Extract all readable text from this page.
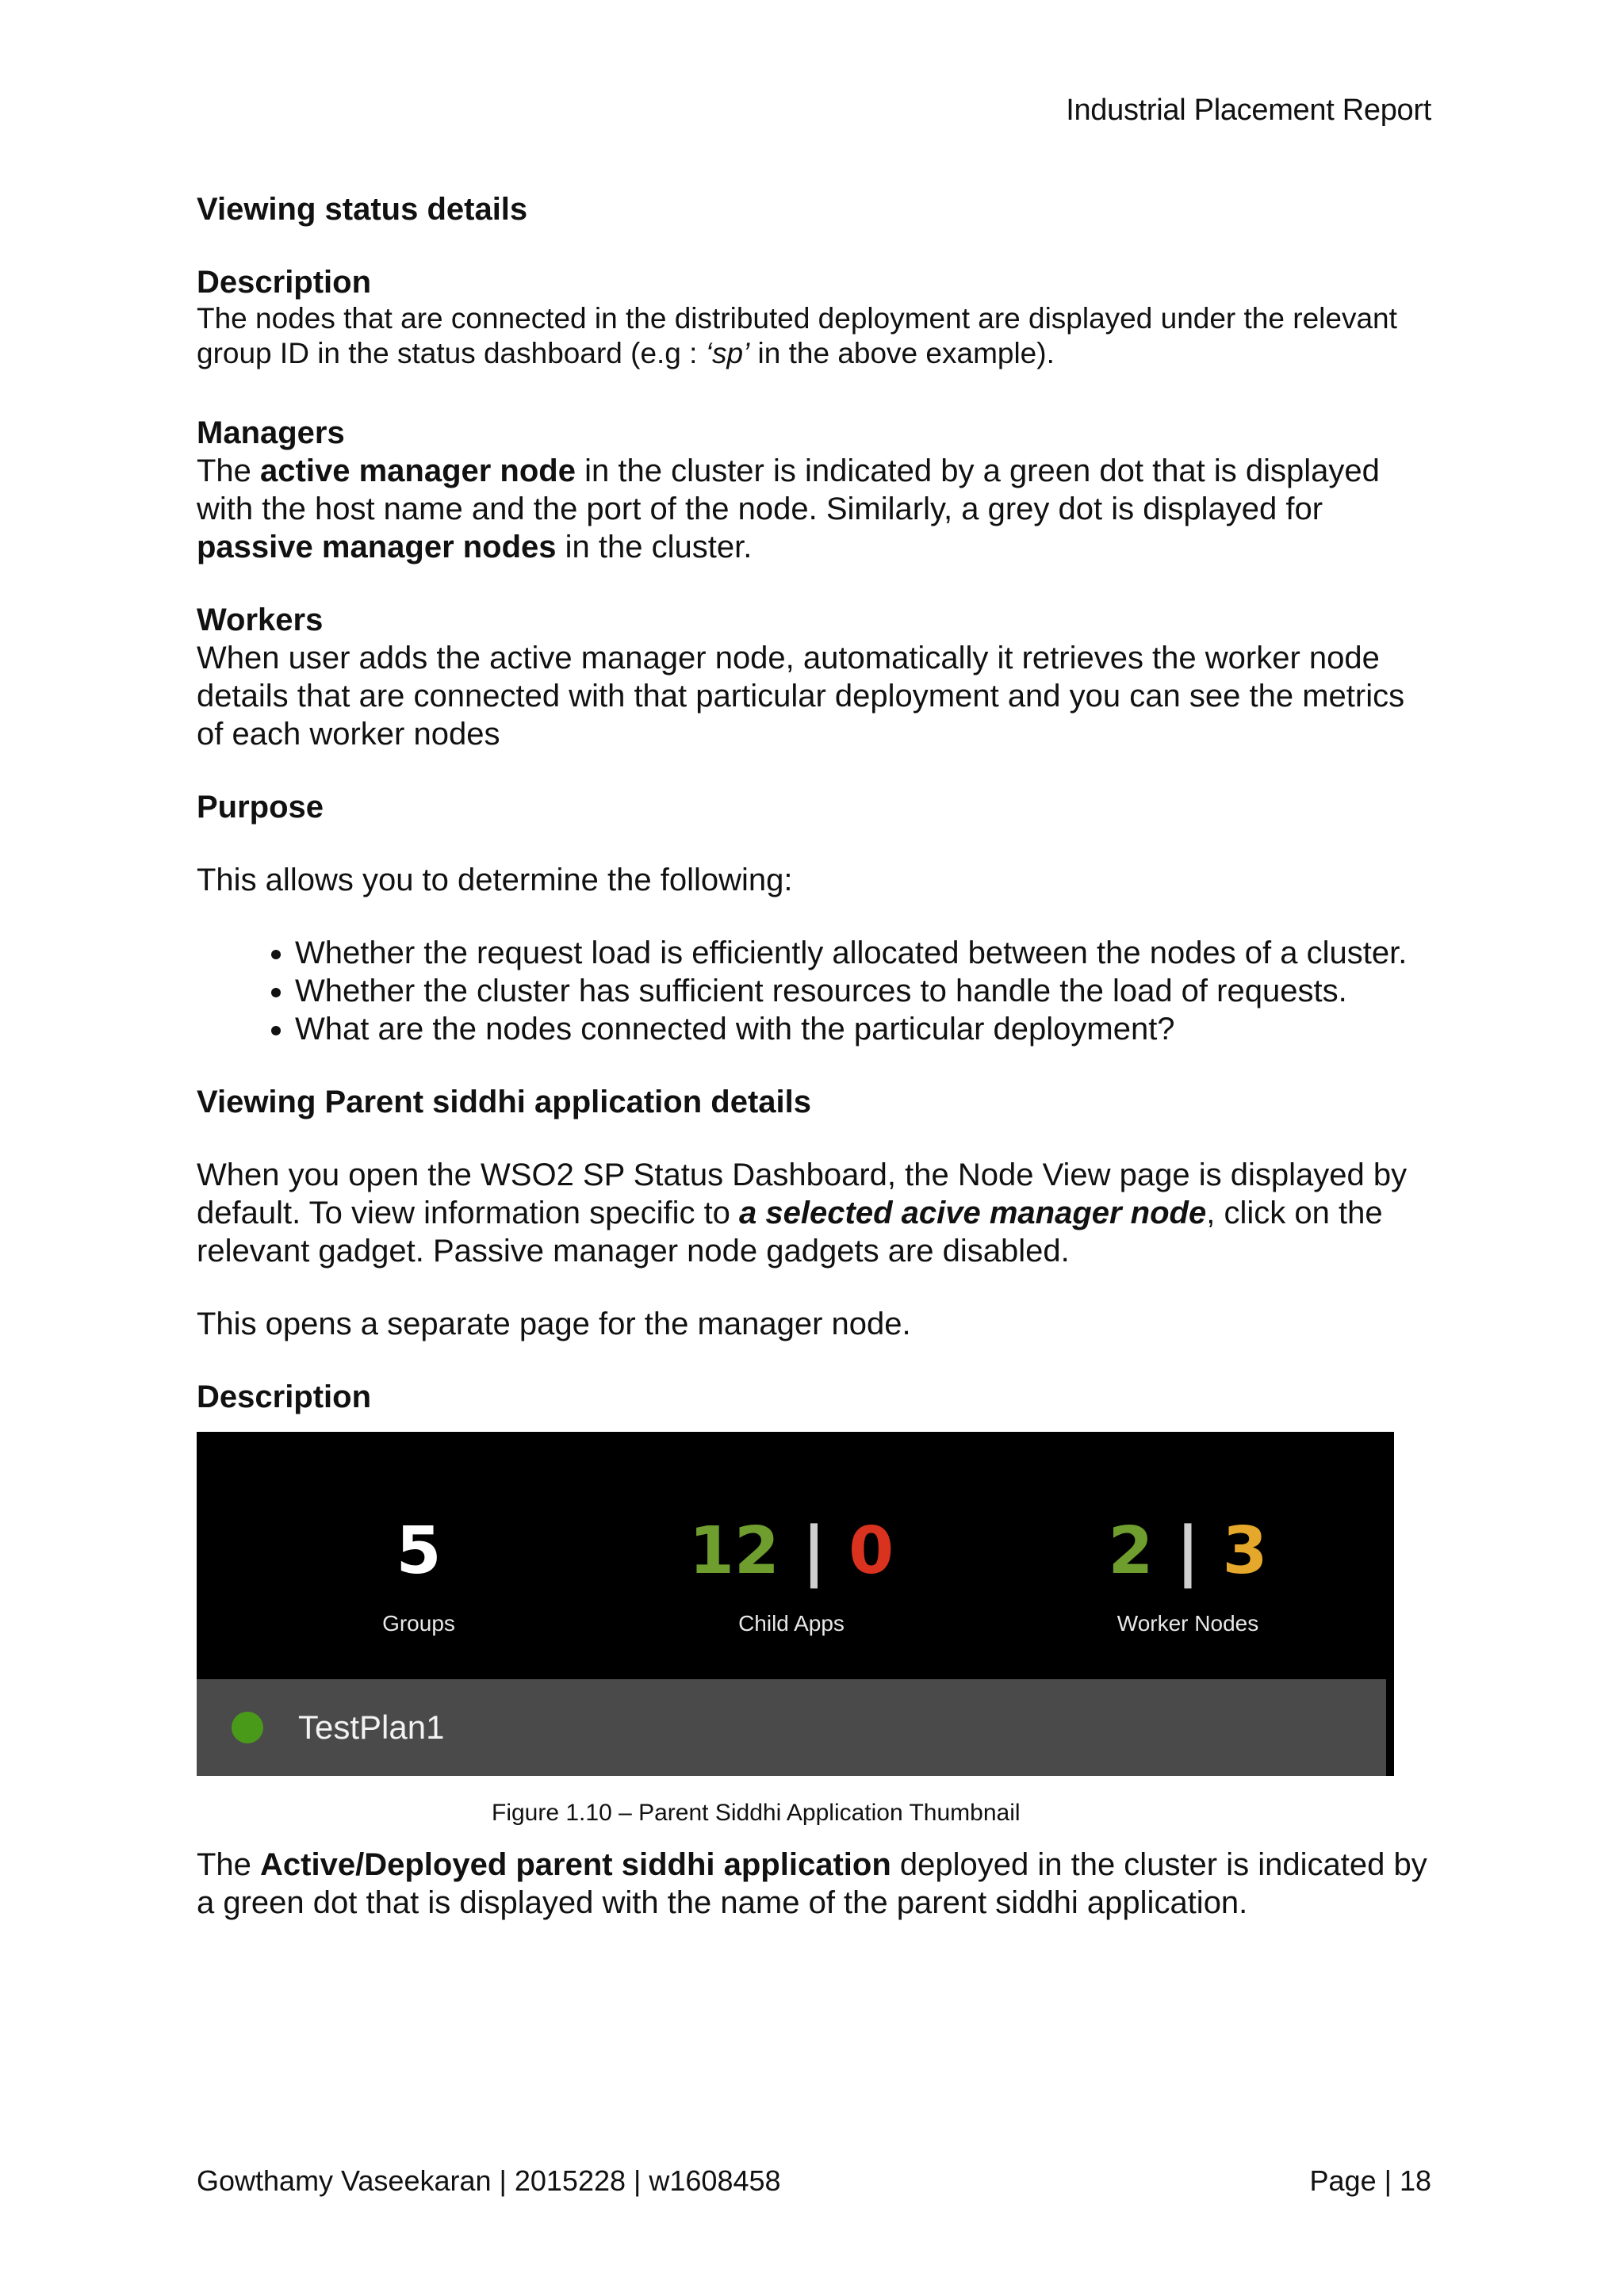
Industrial Placement Report

Viewing status details

Description

The nodes that are connected in the distributed deployment are displayed under the relevant group ID in the status dashboard (e.g : ‘sp’ in the above example).

Managers

The active manager node in the cluster is indicated by a green dot that is displayed with the host name and the port of the node. Similarly, a grey dot is displayed for passive manager nodes in the cluster.

Workers

When user adds the active manager node, automatically it retrieves the worker node details that are connected with that particular deployment and you can see the metrics of each worker nodes

Purpose

This allows you to determine the following:

• Whether the request load is efficiently allocated between the nodes of a cluster.
• Whether the cluster has sufficient resources to handle the load of requests.
• What are the nodes connected with the particular deployment?

Viewing Parent siddhi application details

When you open the WSO2 SP Status Dashboard, the Node View page is displayed by default. To view information specific to a selected acive manager node, click on the relevant gadget. Passive manager node gadgets are disabled.

This opens a separate page for the manager node.

Description

5
Groups
12 | 0
Child Apps
2 | 3
Worker Nodes
TestPlan1
Figure 1.10 – Parent Siddhi Application Thumbnail

The Active/Deployed parent siddhi application deployed in the cluster is indicated by a green dot that is displayed with the name of the parent siddhi application.

Gowthamy Vaseekaran | 2015228 | w1608458	Page | 18
